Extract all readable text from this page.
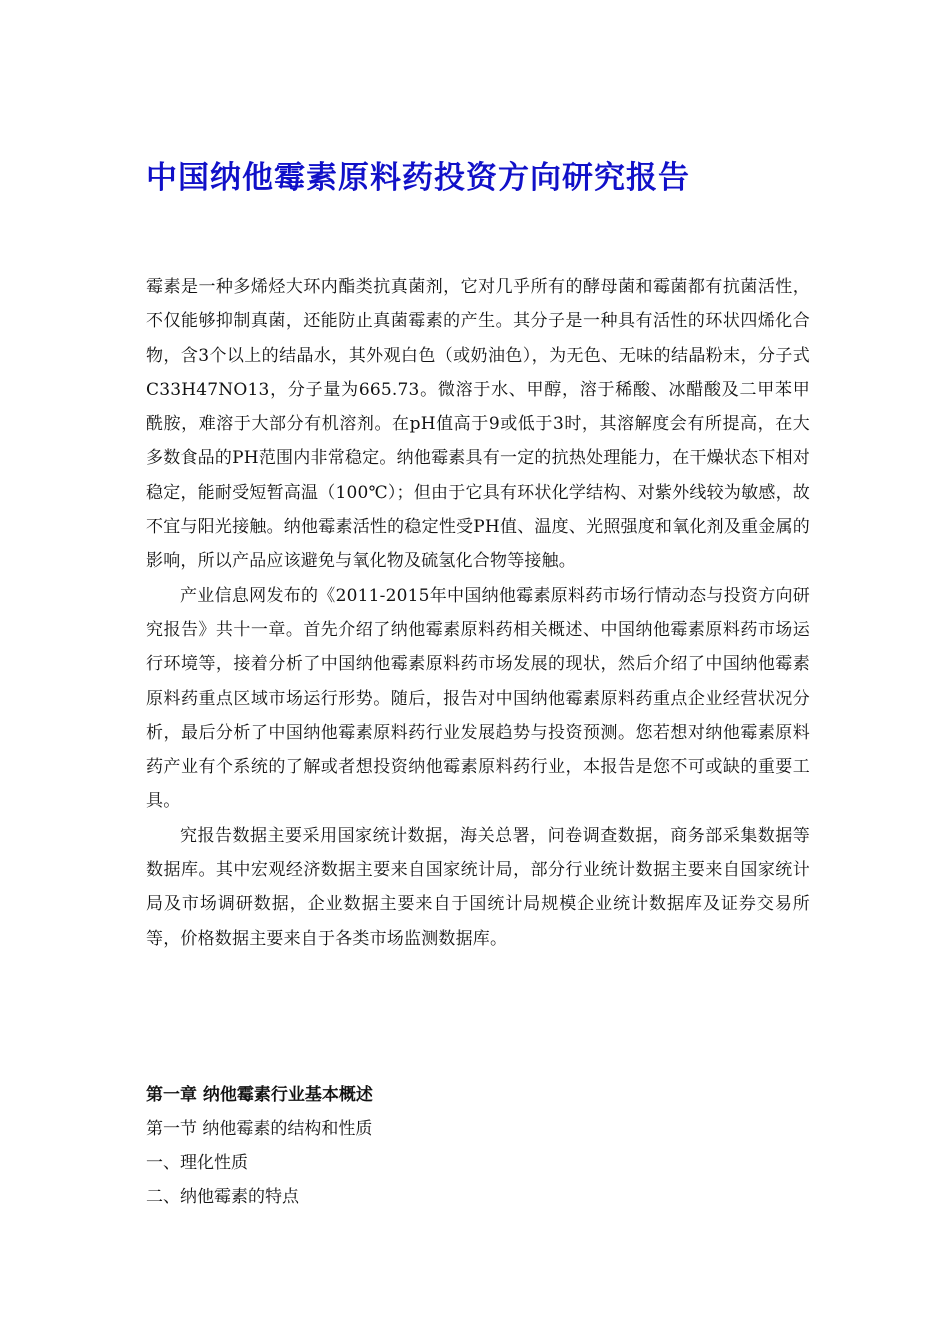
中国纳他霉素原料药投资方向研究报告

霉素是一种多烯烃大环内酯类抗真菌剂，它对几乎所有的酵母菌和霉菌都有抗菌活性，不仅能够抑制真菌，还能防止真菌霉素的产生。其分子是一种具有活性的环状四烯化合物，含3个以上的结晶水，其外观白色（或奶油色），为无色、无味的结晶粉末，分子式C33H47NO13，分子量为665.73。微溶于水、甲醇，溶于稀酸、冰醋酸及二甲苯甲酰胺，难溶于大部分有机溶剂。在pH值高于9或低于3时，其溶解度会有所提高，在大多数食品的PH范围内非常稳定。纳他霉素具有一定的抗热处理能力，在干燥状态下相对稳定，能耐受短暂高温（100℃）；但由于它具有环状化学结构、对紫外线较为敏感，故不宜与阳光接触。纳他霉素活性的稳定性受PH值、温度、光照强度和氧化剂及重金属的影响，所以产品应该避免与氧化物及硫氢化合物等接触。

产业信息网发布的《2011-2015年中国纳他霉素原料药市场行情动态与投资方向研究报告》共十一章。首先介绍了纳他霉素原料药相关概述、中国纳他霉素原料药市场运行环境等，接着分析了中国纳他霉素原料药市场发展的现状，然后介绍了中国纳他霉素原料药重点区域市场运行形势。随后，报告对中国纳他霉素原料药重点企业经营状况分析，最后分析了中国纳他霉素原料药行业发展趋势与投资预测。您若想对纳他霉素原料药产业有个系统的了解或者想投资纳他霉素原料药行业，本报告是您不可或缺的重要工具。

究报告数据主要采用国家统计数据，海关总署，问卷调查数据，商务部采集数据等数据库。其中宏观经济数据主要来自国家统计局，部分行业统计数据主要来自国家统计局及市场调研数据，企业数据主要来自于国统计局规模企业统计数据库及证券交易所等，价格数据主要来自于各类市场监测数据库。

第一章 纳他霉素行业基本概述

第一节 纳他霉素的结构和性质

一、理化性质

二、纳他霉素的特点
